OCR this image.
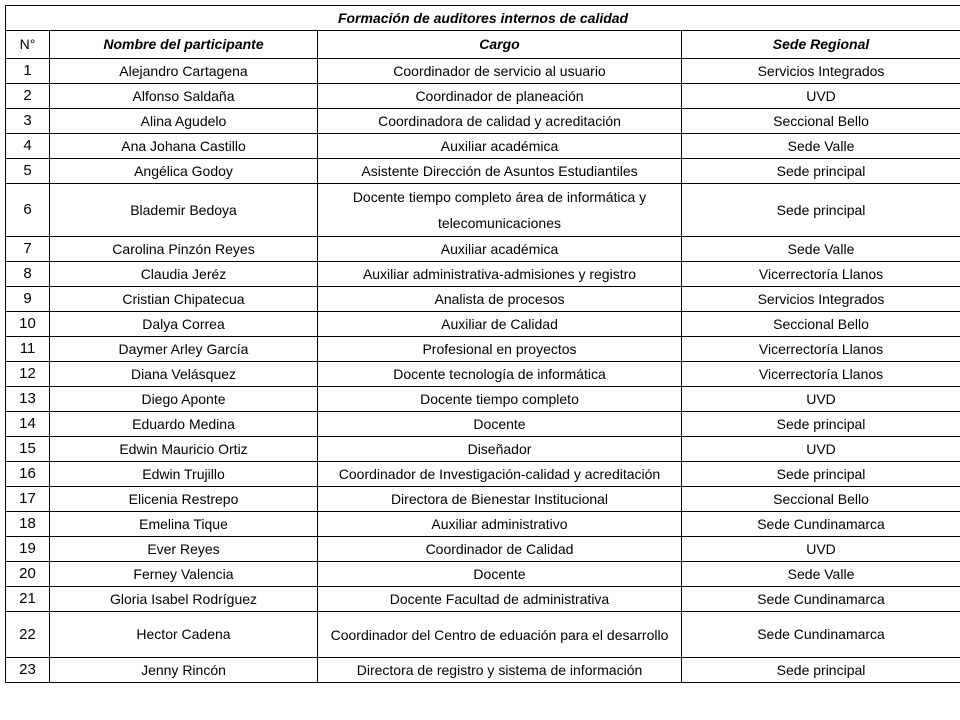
Formación de auditores internos de calidad			
N°	Nombre del participante	Cargo	Sede Regional
1	Alejandro Cartagena	Coordinador de servicio al usuario	Servicios Integrados
2	Alfonso Saldaña	Coordinador de planeación	UVD
3	Alina Agudelo	Coordinadora de calidad y acreditación	Seccional Bello
4	Ana Johana Castillo	Auxiliar académica	Sede Valle
5	Angélica Godoy	Asistente Dirección de Asuntos Estudiantiles	Sede principal
6	Blademir Bedoya	Docente tiempo completo área de informática y telecomunicaciones	Sede principal
7	Carolina Pinzón Reyes	Auxiliar académica	Sede Valle
8	Claudia Jeréz	Auxiliar administrativa-admisiones y registro	Vicerrectoría Llanos
9	Cristian Chipatecua	Analista de procesos	Servicios Integrados
10	Dalya Correa	Auxiliar de Calidad	Seccional Bello
11	Daymer Arley García	Profesional en proyectos	Vicerrectoría Llanos
12	Diana Velásquez	Docente tecnología de informática	Vicerrectoría Llanos
13	Diego Aponte	Docente tiempo completo	UVD
14	Eduardo Medina	Docente	Sede principal
15	Edwin Mauricio Ortiz	Diseñador	UVD
16	Edwin Trujillo	Coordinador de Investigación-calidad y acreditación	Sede principal
17	Elicenia Restrepo	Directora de Bienestar Institucional	Seccional Bello
18	Emelina Tique	Auxiliar administrativo	Sede Cundinamarca
19	Ever Reyes	Coordinador de Calidad	UVD
20	Ferney Valencia	Docente	Sede Valle
21	Gloria Isabel Rodríguez	Docente Facultad de administrativa	Sede Cundinamarca
22	Hector Cadena	Coordinador del Centro de eduación para el desarrollo	Sede Cundinamarca
23	Jenny Rincón	Directora de registro y sistema de información	Sede principal
